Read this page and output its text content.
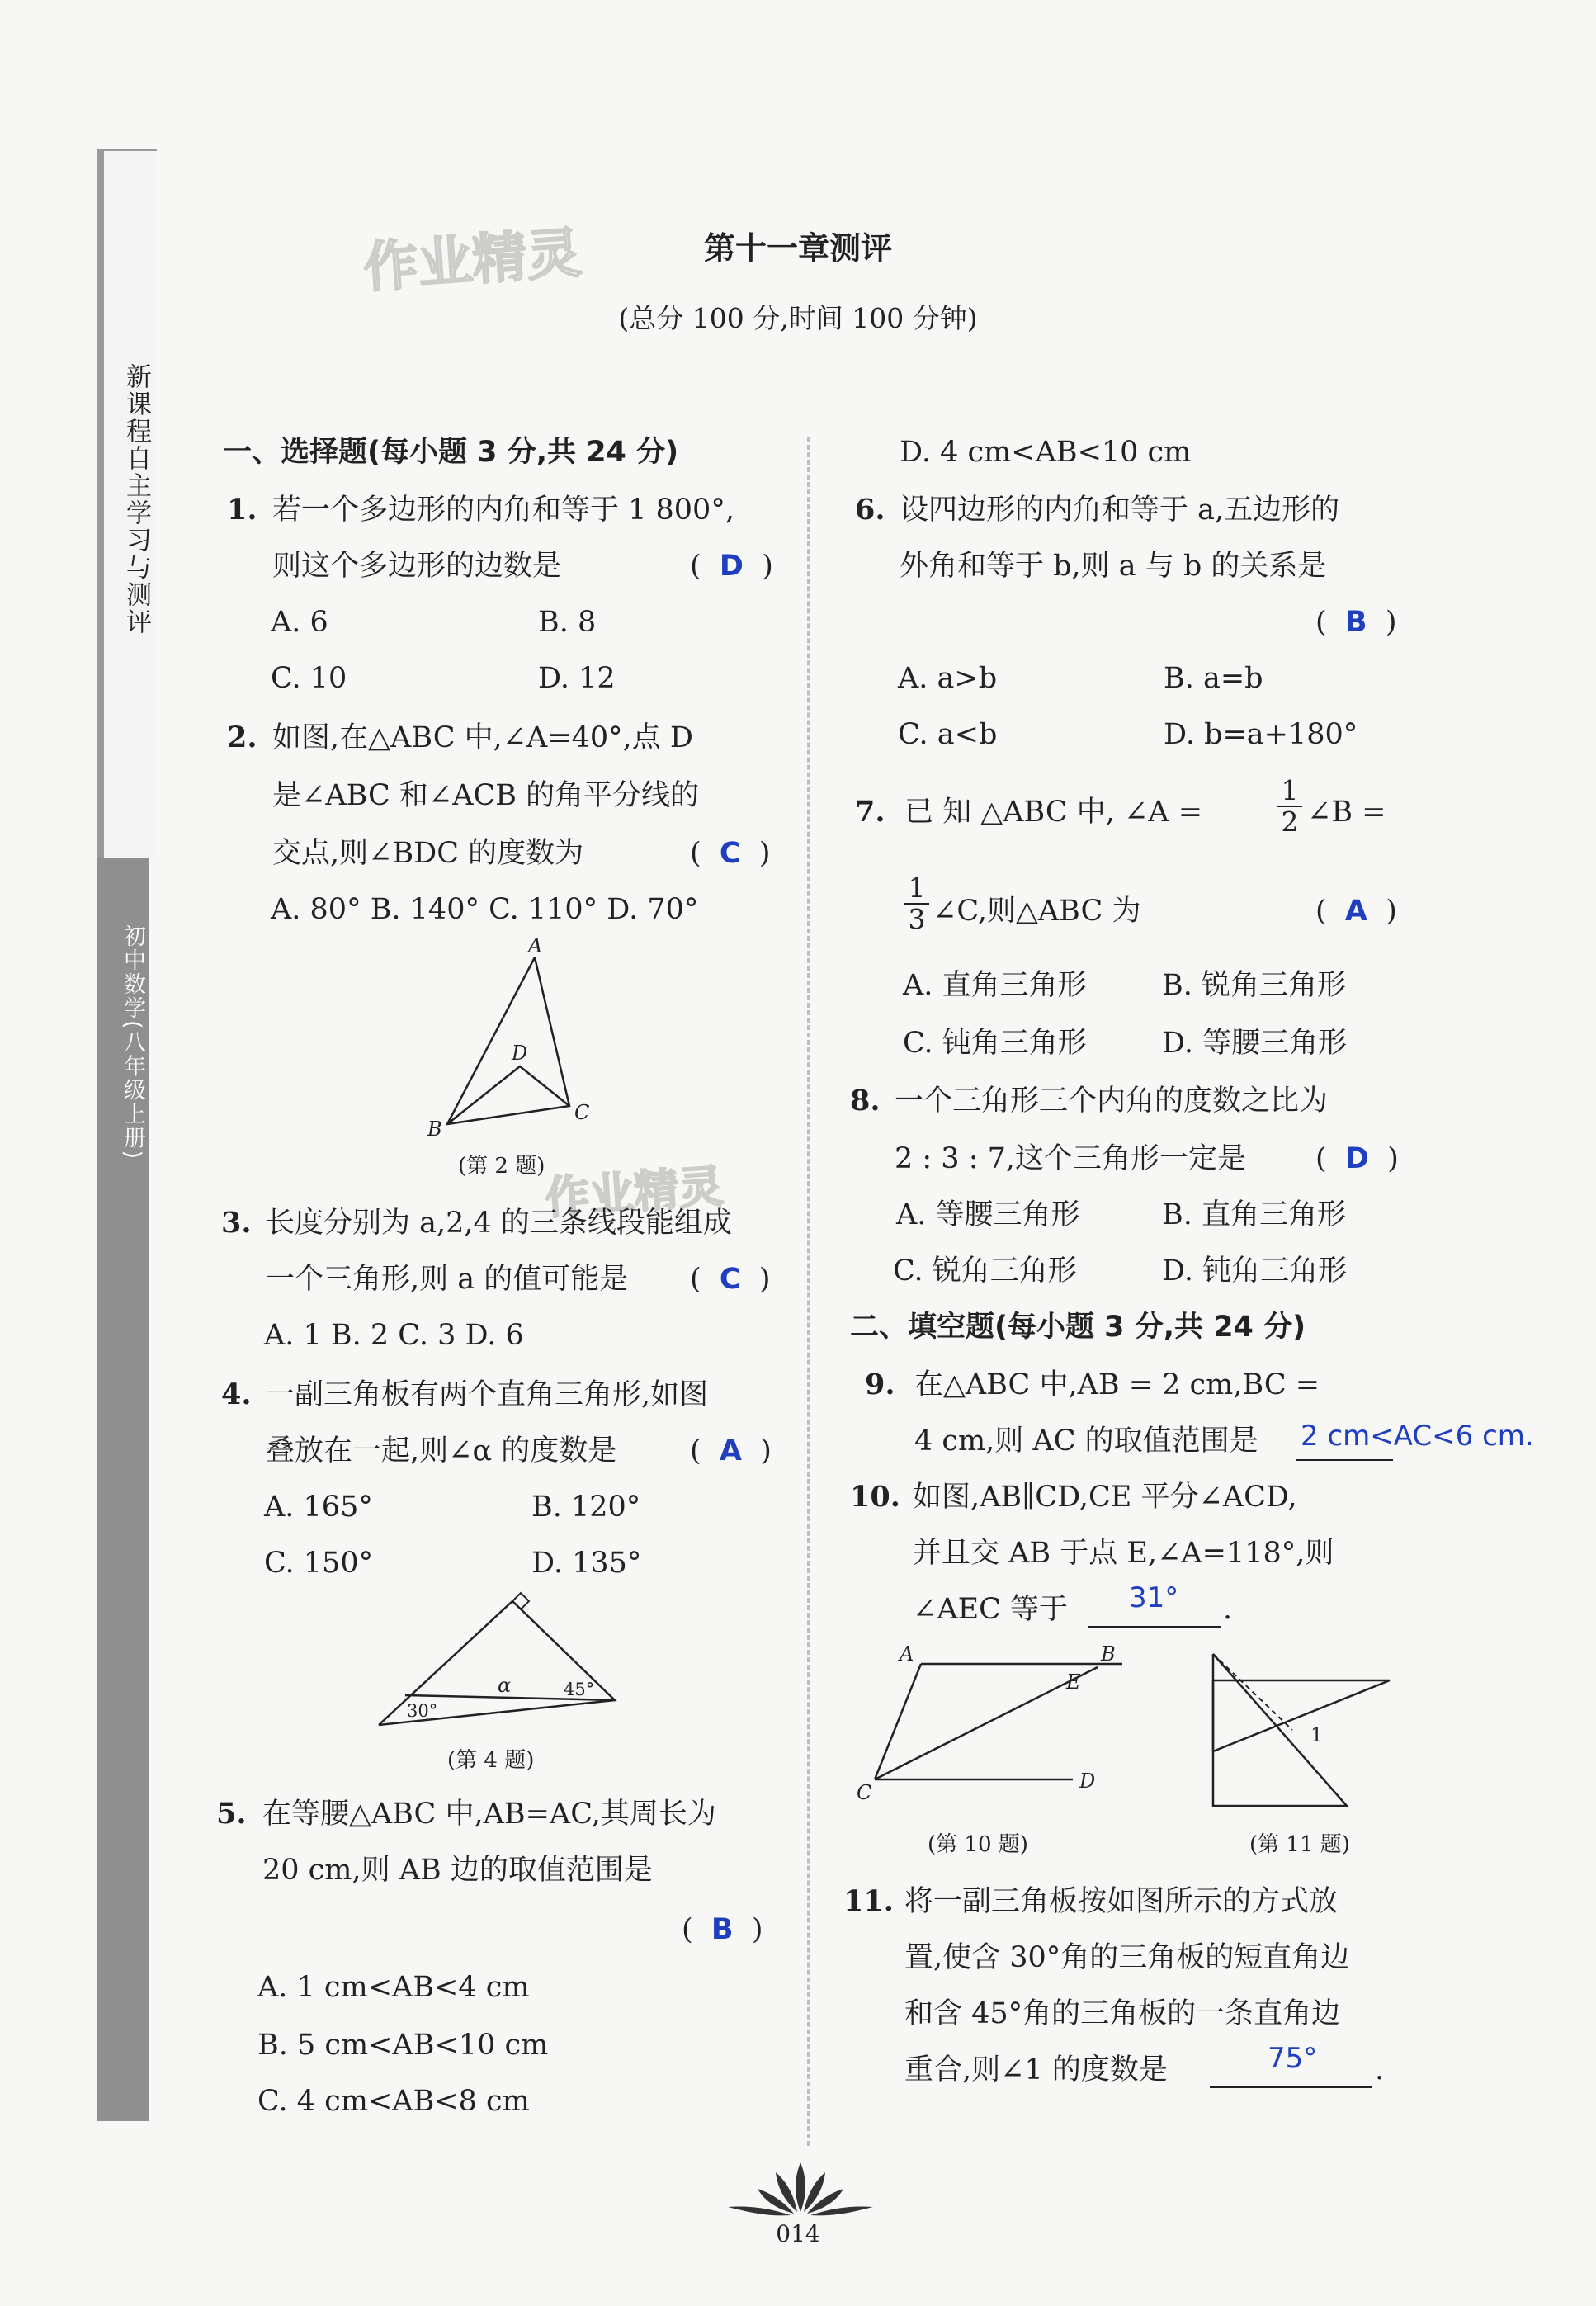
新课程自主学习与测评
初中数学(八年级上册)
作业精灵
作业精灵
第十一章测评
(总分 100 分,时间 100 分钟)
一、选择题(每小题 3 分,共 24 分)
1. 若一个多边形的内角和等于 1 800°,
则这个多边形的边数是	(  D  )
A. 6	B. 8
C. 10	D. 12
2. 如图,在△ABC 中,∠A=40°,点 D
是∠ABC 和∠ACB 的角平分线的
交点,则∠BDC 的度数为	(  C  )
A. 80° B. 140° C. 110° D. 70°
A
B
C
D
(第 2 题)
3. 长度分别为 a,2,4 的三条线段能组成
一个三角形,则 a 的值可能是 (  C  )
A. 1 B. 2 C. 3 D. 6
4. 一副三角板有两个直角三角形,如图
叠放在一起,则∠α 的度数是	(  A  )
A. 165°	B. 120°
C. 150°	D. 135°
30°
45°
α
(第 4 题)
5. 在等腰△ABC 中,AB=AC,其周长为
20 cm,则 AB 边的取值范围是
(  B  )
A. 1 cm<AB<4 cm
B. 5 cm<AB<10 cm
C. 4 cm<AB<8 cm
D. 4 cm<AB<10 cm
6. 设四边形的内角和等于 a,五边形的
外角和等于 b,则 a 与 b 的关系是
(  B  )
A. a>b	B. a=b
C. a<b	D. b=a+180°
7. 已 知 △ABC 中, ∠A =	$\frac{1}{2}$ ∠B =
$\frac{1}{3}$ ∠C,则△ABC 为	(  A  )
A. 直角三角形	B. 锐角三角形
C. 钝角三角形	D. 等腰三角形
8. 一个三角形三个内角的度数之比为
2 : 3 : 7,这个三角形一定是 (  D  )
A. 等腰三角形	B. 直角三角形
C. 锐角三角形	D. 钝角三角形
二、填空题(每小题 3 分,共 24 分)
9. 在△ABC 中,AB = 2 cm,BC =
4 cm,则 AC 的取值范围是 2 cm<AC<6 cm.
10. 如图,AB∥CD,CE 平分∠ACD,
并且交 AB 于点 E,∠A=118°,则
∠AEC 等于 31° .
A	B
C	D
E
(第 10 题)
1
(第 11 题)
11. 将一副三角板按如图所示的方式放
置,使含 30°角的三角板的短直角边
和含 45°角的三角板的一条直角边
重合,则∠1 的度数是	75° .
014
